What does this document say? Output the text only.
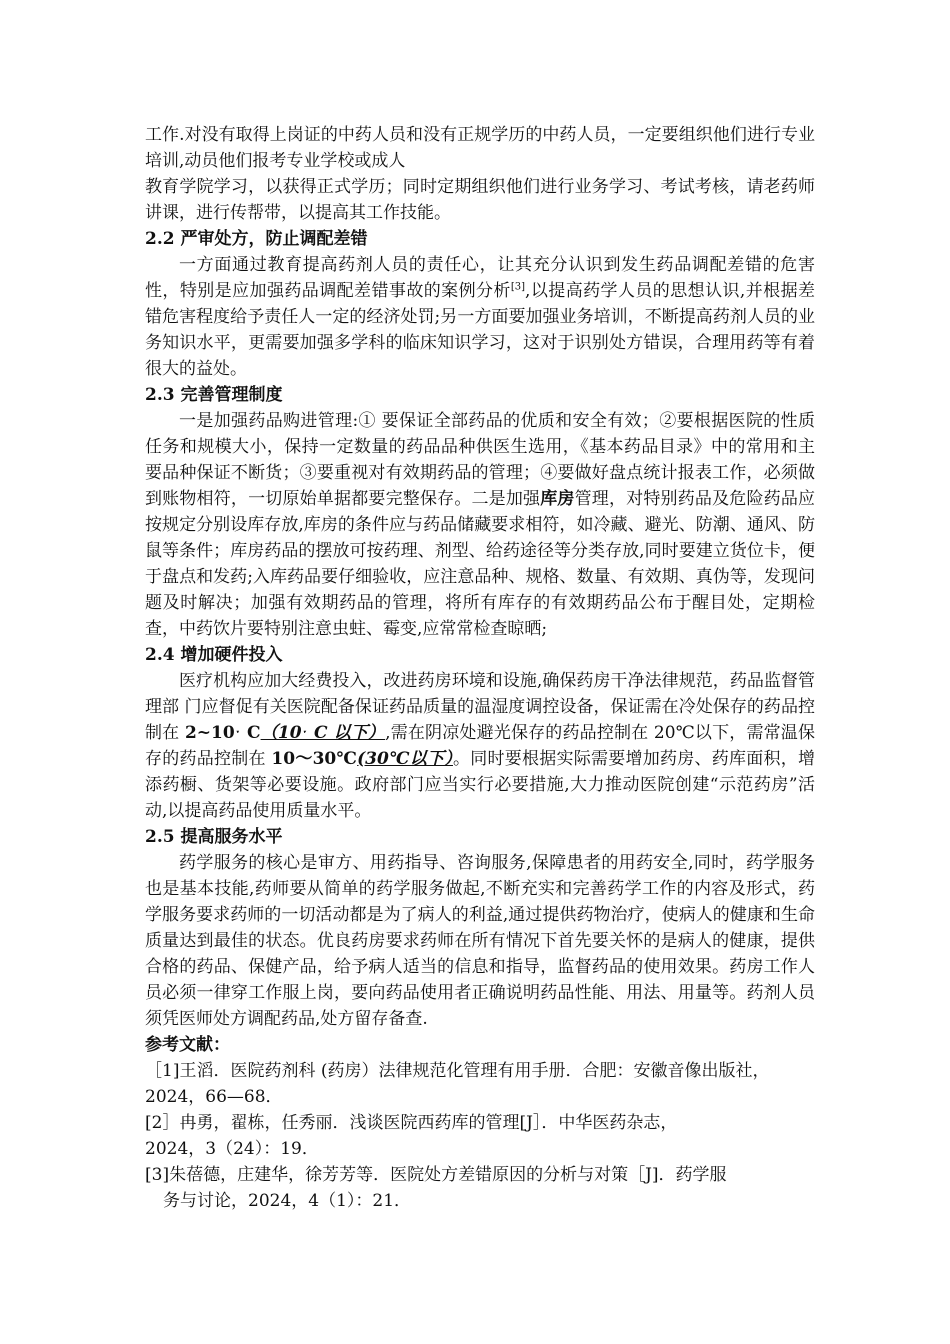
工作.对没有取得上岗证的中药人员和没有正规学历的中药人员，一定要组织他们进行专业培训,动员他们报考专业学校或成人
教育学院学习，以获得正式学历；同时定期组织他们进行业务学习、考试考核，请老药师讲课，进行传帮带，以提高其工作技能。

2.2 严审处方，防止调配差错

一方面通过教育提高药剂人员的责任心，让其充分认识到发生药品调配差错的危害性，特别是应加强药品调配差错事故的案例分析[3],以提高药学人员的思想认识,并根据差错危害程度给予责任人一定的经济处罚;另一方面要加强业务培训，不断提高药剂人员的业务知识水平，更需要加强多学科的临床知识学习，这对于识别处方错误，合理用药等有着很大的益处。

2.3 完善管理制度

一是加强药品购进管理:① 要保证全部药品的优质和安全有效；②要根据医院的性质任务和规模大小，保持一定数量的药品品种供医生选用，《基本药品目录》中的常用和主要品种保证不断货；③要重视对有效期药品的管理；④要做好盘点统计报表工作，必须做到账物相符，一切原始单据都要完整保存。二是加强库房管理，对特别药品及危险药品应按规定分别设库存放,库房的条件应与药品储藏要求相符，如冷藏、避光、防潮、通风、防鼠等条件；库房药品的摆放可按药理、剂型、给药途径等分类存放,同时要建立货位卡，便于盘点和发药;入库药品要仔细验收，应注意品种、规格、数量、有效期、真伪等，发现问题及时解决；加强有效期药品的管理，将所有库存的有效期药品公布于醒目处，定期检查，中药饮片要特别注意虫蛀、霉变,应常常检查晾晒;

2.4 增加硬件投入

医疗机构应加大经费投入，改进药房环境和设施,确保药房干净法律规范，药品监督管理部 门应督促有关医院配备保证药品质量的温湿度调控设备，保证需在冷处保存的药品控制在 2~10ˑ C（10ˑ C 以下）,需在阴凉处避光保存的药品控制在 20℃以下，需常温保存的药品控制在 10～30℃(30℃以下）。同时要根据实际需要增加药房、药库面积，增添药橱、货架等必要设施。政府部门应当实行必要措施,大力推动医院创建“示范药房”活动,以提高药品使用质量水平。

2.5 提高服务水平

药学服务的核心是审方、用药指导、咨询服务,保障患者的用药安全,同时，药学服务也是基本技能,药师要从简单的药学服务做起,不断充实和完善药学工作的内容及形式，药学服务要求药师的一切活动都是为了病人的利益,通过提供药物治疗，使病人的健康和生命质量达到最佳的状态。优良药房要求药师在所有情况下首先要关怀的是病人的健康，提供合格的药品、保健产品，给予病人适当的信息和指导，监督药品的使用效果。药房工作人员必须一律穿工作服上岗，要向药品使用者正确说明药品性能、用法、用量等。药剂人员须凭医师处方调配药品,处方留存备查.

参考文献：

［1]王滔．医院药剂科 (药房）法律规范化管理有用手册．合肥：安徽音像出版社，2024，66—68．

[2］冉勇，翟栋，任秀丽．浅谈医院西药库的管理[J］．中华医药杂志，
2024，3（24）：19．

[3]朱蓓德，庄建华，徐芳芳等．医院处方差错原因的分析与对策［J]．药学服
务与讨论，2024，4（1）：21．
